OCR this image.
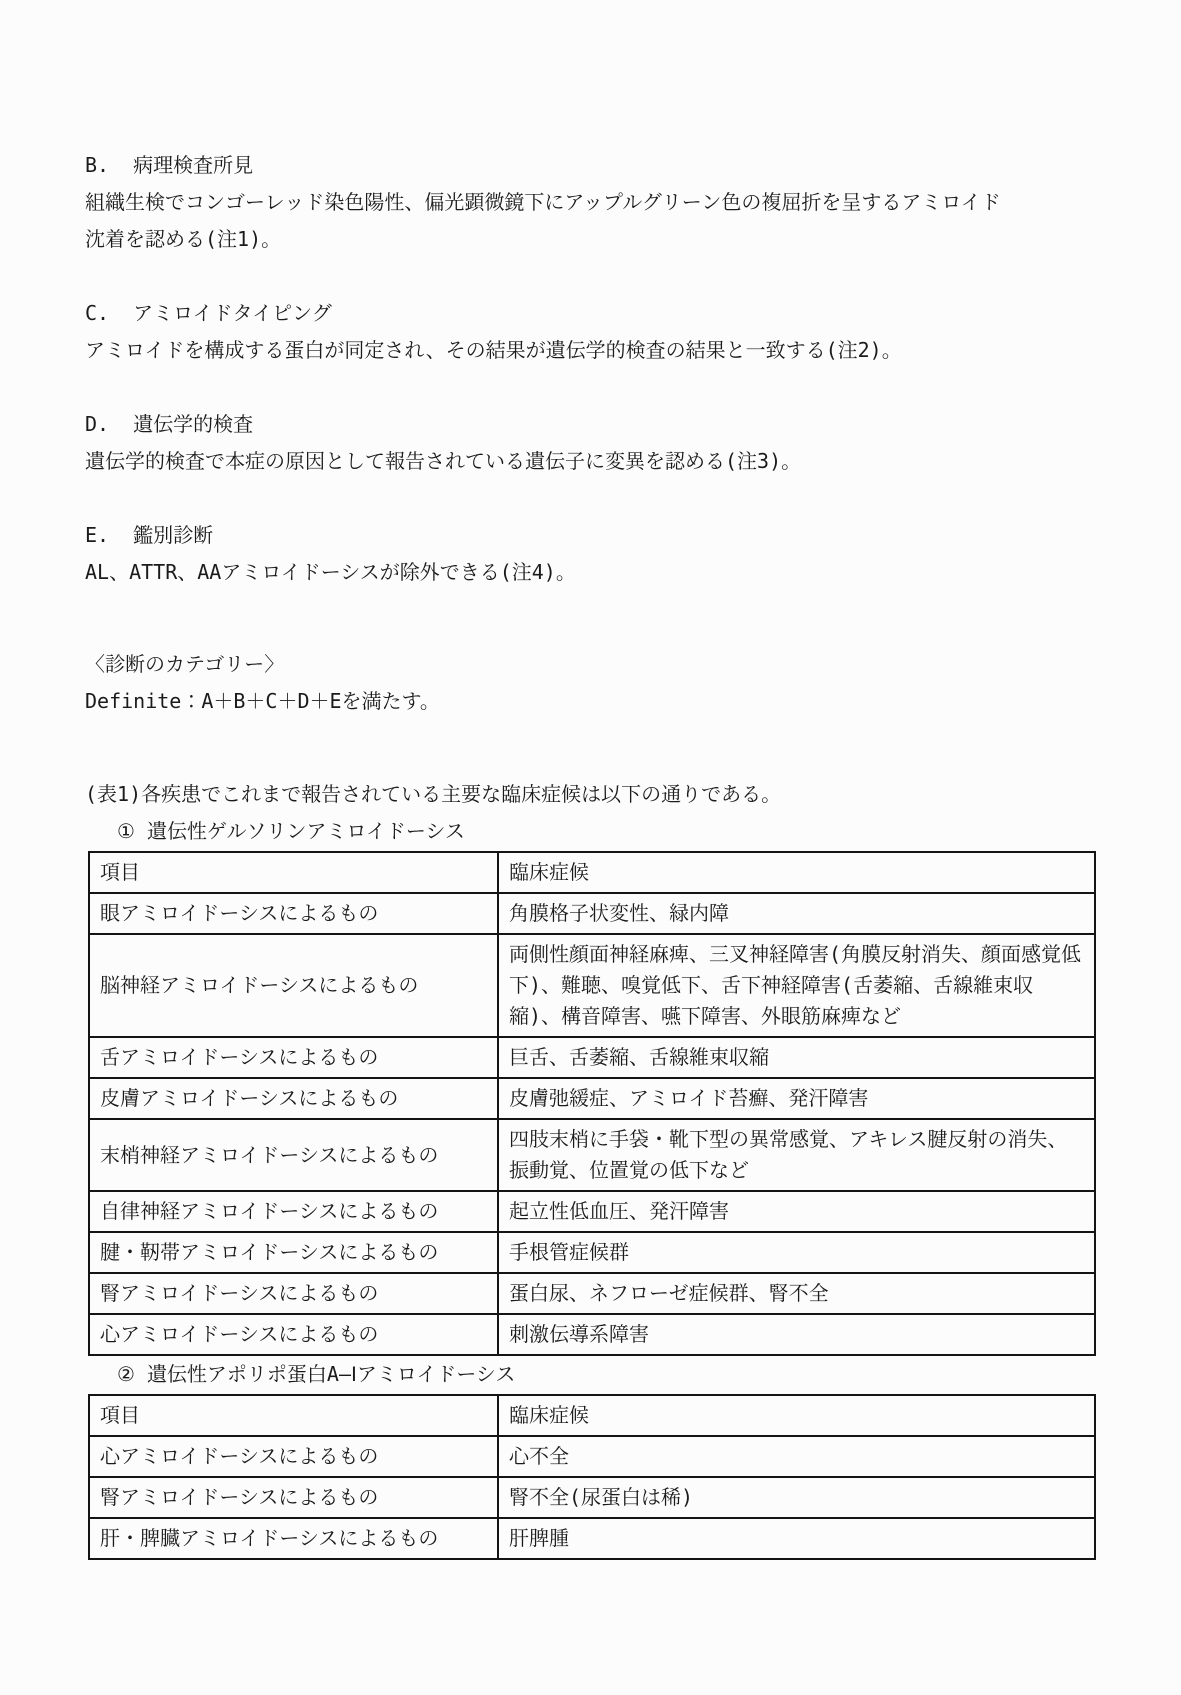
B.  病理検査所見

組織生検でコンゴーレッド染色陽性、偏光顕微鏡下にアップルグリーン色の複屈折を呈するアミロイド沈着を認める(注1)。

C.  アミロイドタイピング

アミロイドを構成する蛋白が同定され、その結果が遺伝学的検査の結果と一致する(注2)。

D.  遺伝学的検査

遺伝学的検査で本症の原因として報告されている遺伝子に変異を認める(注3)。

E.  鑑別診断

AL、ATTR、AAアミロイドーシスが除外できる(注4)。

〈診断のカテゴリー〉

Definite：A＋B＋C＋D＋Eを満たす。

(表1)各疾患でこれまで報告されている主要な臨床症候は以下の通りである。

① 遺伝性ゲルソリンアミロイドーシス

項目	臨床症候
眼アミロイドーシスによるもの	角膜格子状変性、緑内障
脳神経アミロイドーシスによるもの	両側性顔面神経麻痺、三叉神経障害(角膜反射消失、顔面感覚低下)、難聴、嗅覚低下、舌下神経障害(舌萎縮、舌線維束収縮)、構音障害、嚥下障害、外眼筋麻痺など
舌アミロイドーシスによるもの	巨舌、舌萎縮、舌線維束収縮
皮膚アミロイドーシスによるもの	皮膚弛緩症、アミロイド苔癬、発汗障害
末梢神経アミロイドーシスによるもの	四肢末梢に手袋・靴下型の異常感覚、アキレス腱反射の消失、振動覚、位置覚の低下など
自律神経アミロイドーシスによるもの	起立性低血圧、発汗障害
腱・靭帯アミロイドーシスによるもの	手根管症候群
腎アミロイドーシスによるもの	蛋白尿、ネフローゼ症候群、腎不全
心アミロイドーシスによるもの	刺激伝導系障害

② 遺伝性アポリポ蛋白A―Ⅰアミロイドーシス

項目	臨床症候
心アミロイドーシスによるもの	心不全
腎アミロイドーシスによるもの	腎不全(尿蛋白は稀)
肝・脾臓アミロイドーシスによるもの	肝脾腫
